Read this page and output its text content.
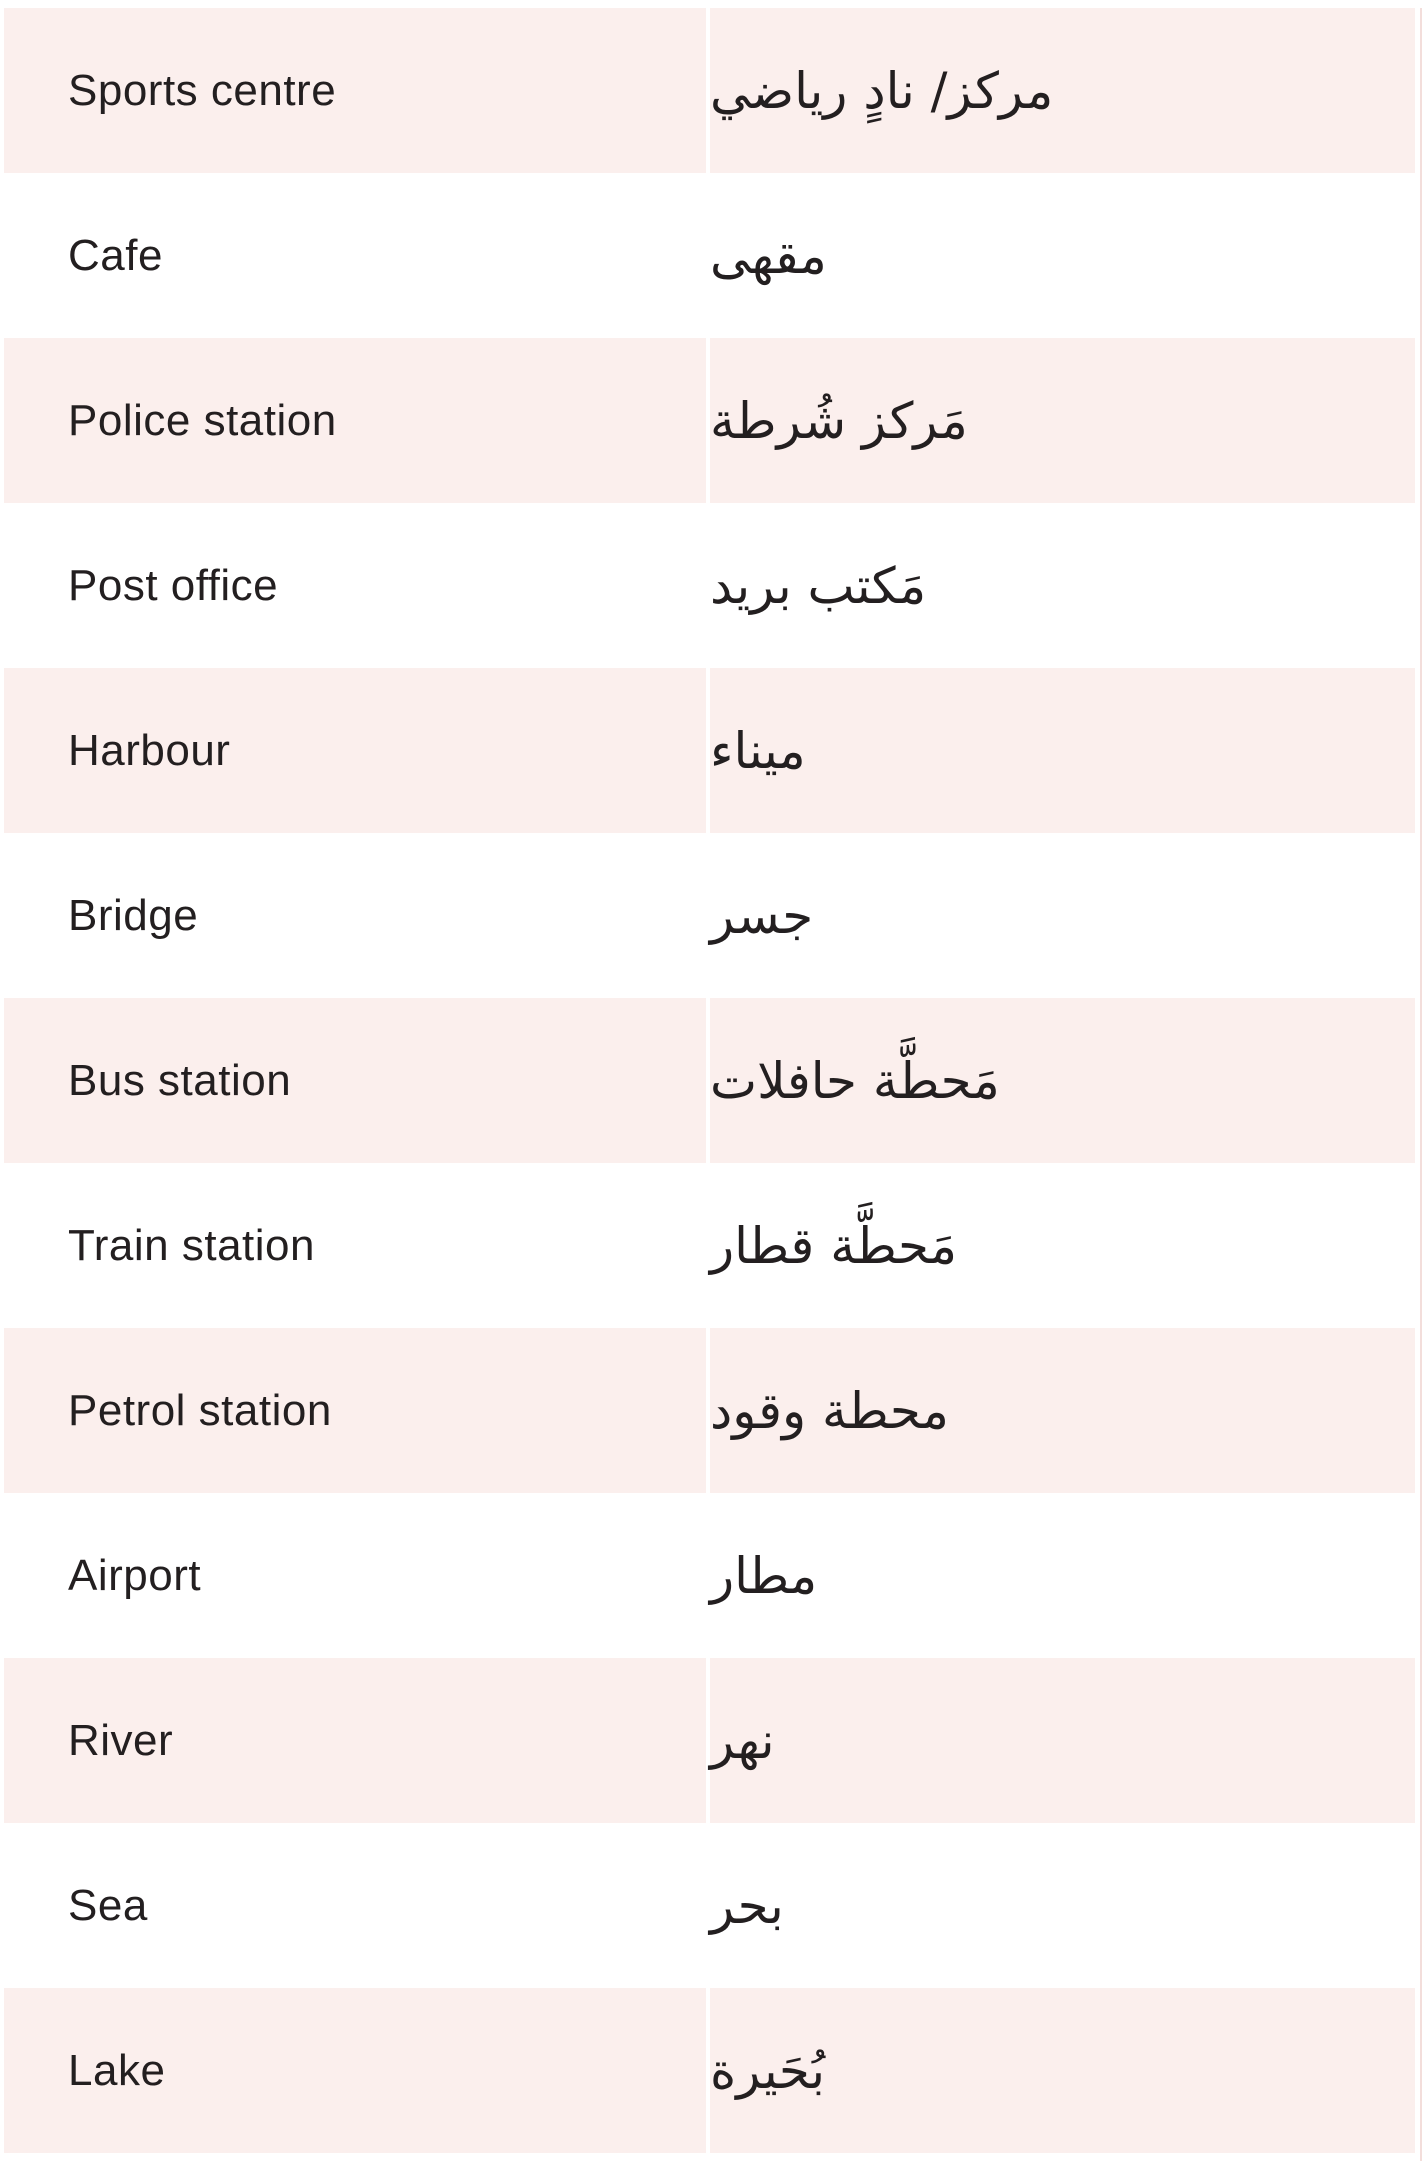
Sports centre	مركز/ نادٍ رياضي
Cafe	مقهى
Police station	مَركز شُرطة
Post office	مَكتب بريد
Harbour	ميناء
Bridge	جسر
Bus station	مَحطَّة حافلات
Train station	مَحطَّة قطار
Petrol station	محطة وقود
Airport	مطار
River	نهر
Sea	بحر
Lake	بُحَيرة
